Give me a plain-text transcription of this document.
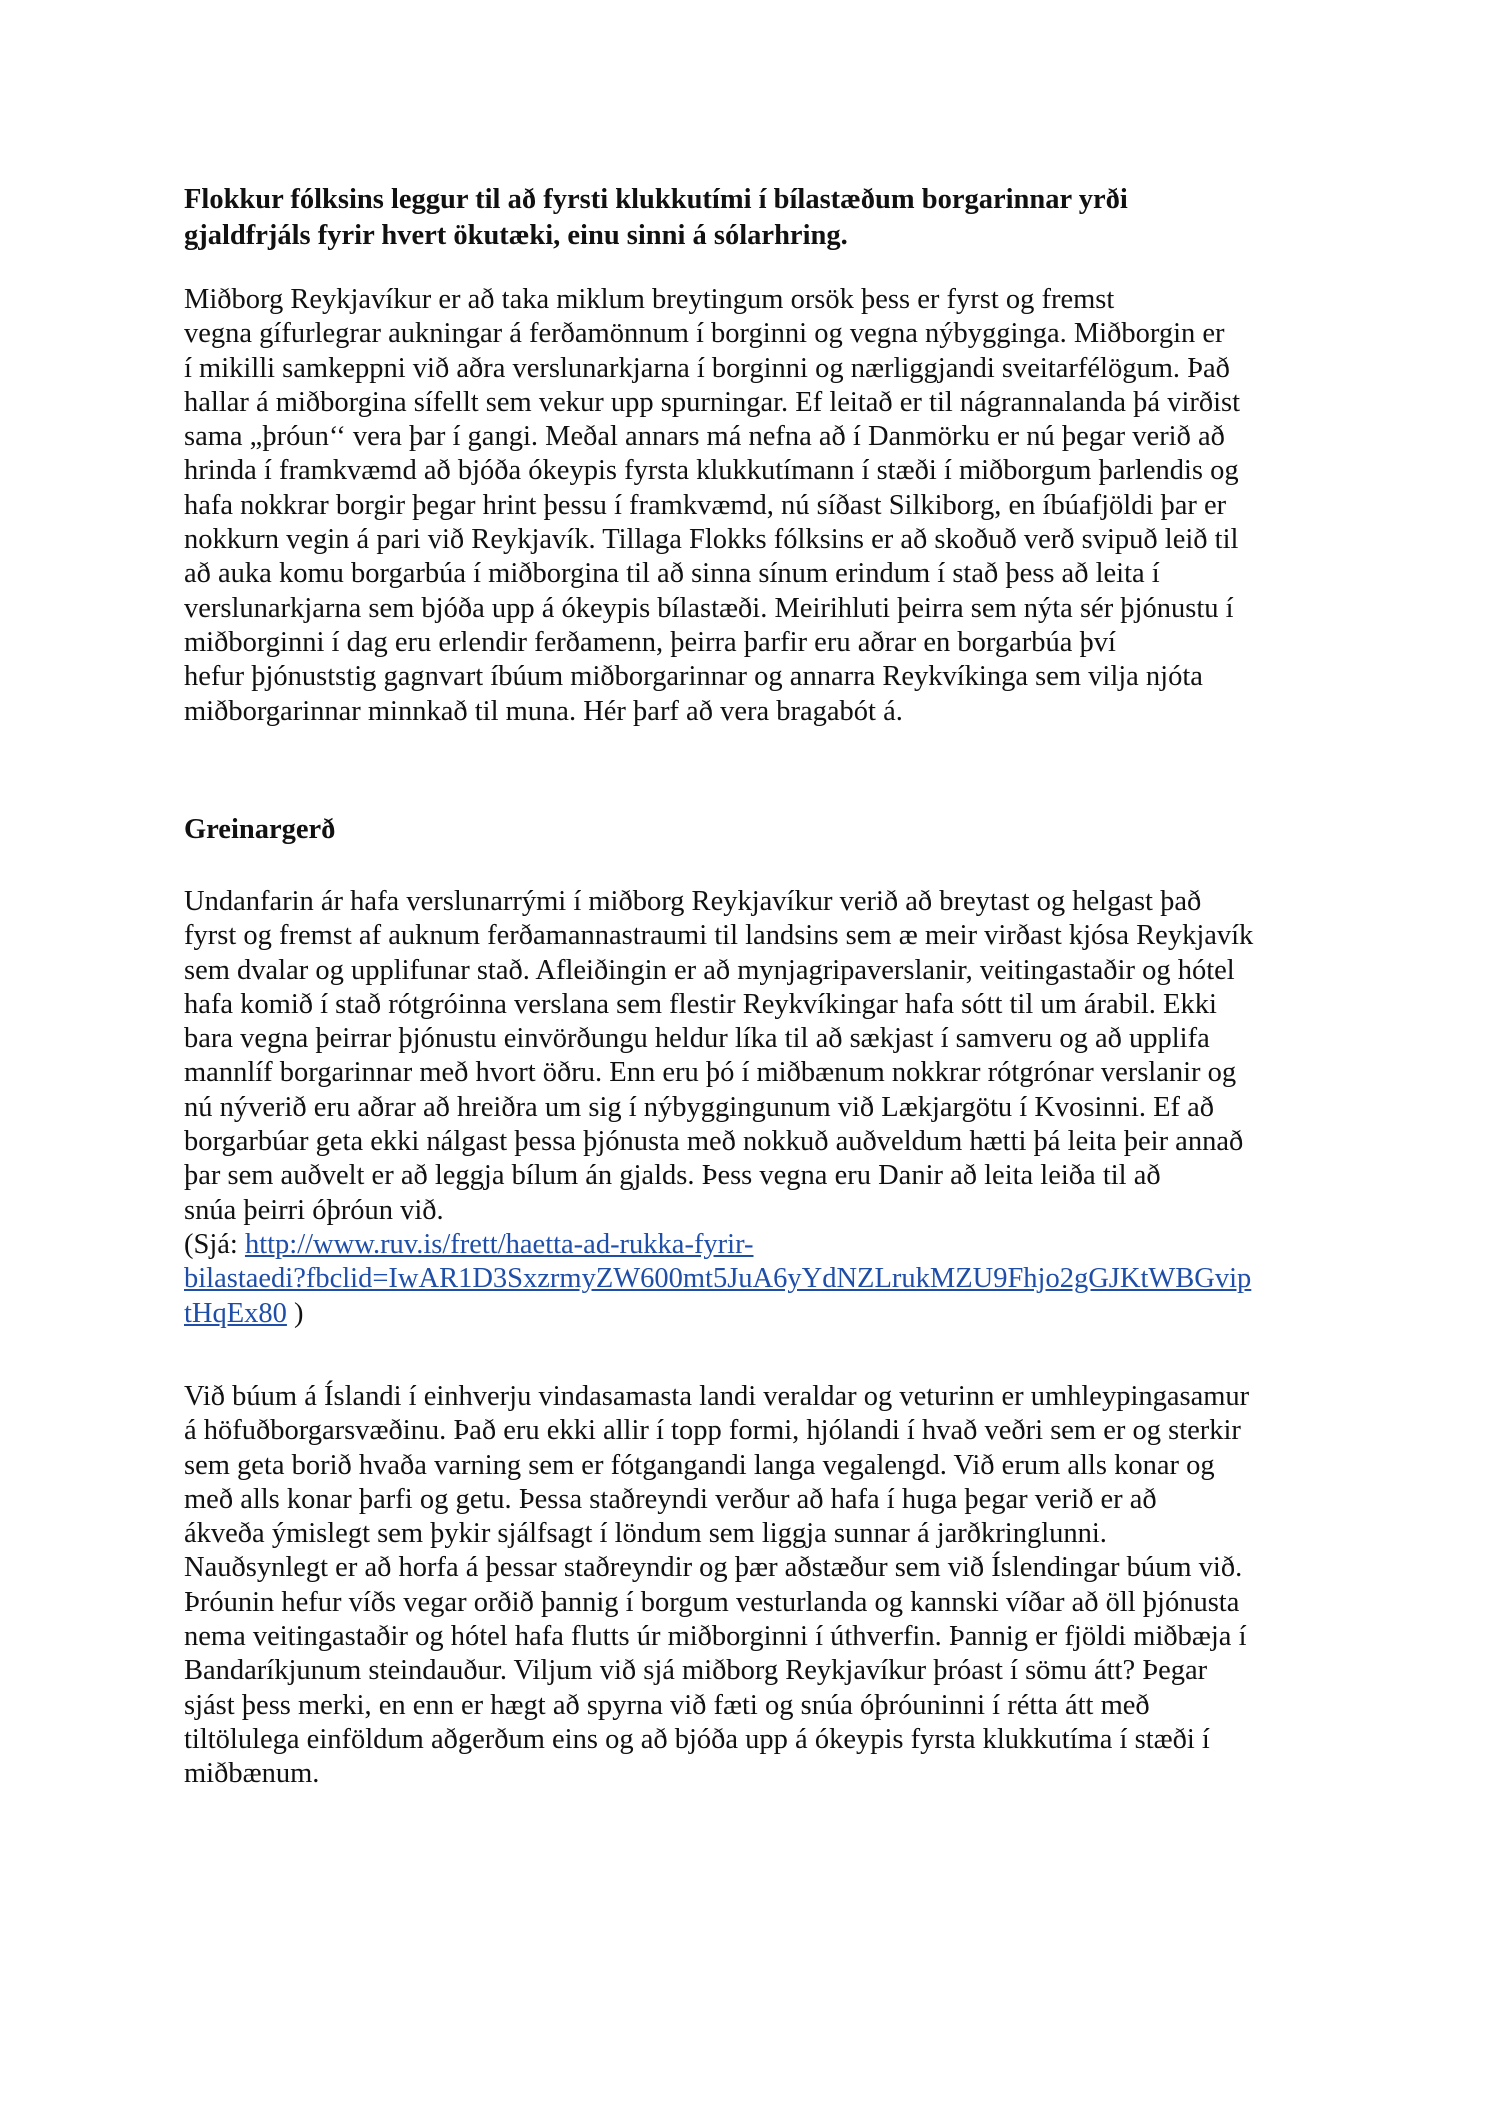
Flokkur fólksins leggur til að fyrsti klukkutími í bílastæðum borgarinnar yrði
gjaldfrjáls fyrir hvert ökutæki, einu sinni á sólarhring.
Miðborg Reykjavíkur er að taka miklum breytingum orsök þess er fyrst og fremst
vegna gífurlegrar aukningar á ferðamönnum í borginni og vegna nýbygginga. Miðborgin er
í mikilli samkeppni við aðra verslunarkjarna í borginni og nærliggjandi sveitarfélögum. Það
hallar á miðborgina sífellt sem vekur upp spurningar. Ef leitað er til nágrannalanda þá virðist
sama „þróun‘‘ vera þar í gangi. Meðal annars má nefna að í Danmörku er nú þegar verið að
hrinda í framkvæmd að bjóða ókeypis fyrsta klukkutímann í stæði í miðborgum þarlendis og
hafa nokkrar borgir þegar hrint þessu í framkvæmd, nú síðast Silkiborg, en íbúafjöldi þar er
nokkurn vegin á pari við Reykjavík. Tillaga Flokks fólksins er að skoðuð verð svipuð leið til
að auka komu borgarbúa í miðborgina til að sinna sínum erindum í stað þess að leita í
verslunarkjarna sem bjóða upp á ókeypis bílastæði. Meirihluti þeirra sem nýta sér þjónustu í
miðborginni í dag eru erlendir ferðamenn, þeirra þarfir eru aðrar en borgarbúa því
hefur þjónuststig gagnvart íbúum miðborgarinnar og annarra Reykvíkinga sem vilja njóta
miðborgarinnar minnkað til muna. Hér þarf að vera bragabót á.
Greinargerð
Undanfarin ár hafa verslunarrými í miðborg Reykjavíkur verið að breytast og helgast það
fyrst og fremst af auknum ferðamannastraumi til landsins sem æ meir virðast kjósa Reykjavík
sem dvalar og upplifunar stað. Afleiðingin er að mynjagripaverslanir, veitingastaðir og hótel
hafa komið í stað rótgróinna verslana sem flestir Reykvíkingar hafa sótt til um árabil. Ekki
bara vegna þeirrar þjónustu einvörðungu heldur líka til að sækjast í samveru og að upplifa
mannlíf borgarinnar með hvort öðru. Enn eru þó í miðbænum nokkrar rótgrónar verslanir og
nú nýverið eru aðrar að hreiðra um sig í nýbyggingunum við Lækjargötu í Kvosinni. Ef að
borgarbúar geta ekki nálgast þessa þjónusta með nokkuð auðveldum hætti þá leita þeir annað
þar sem auðvelt er að leggja bílum án gjalds. Þess vegna eru Danir að leita leiða til að
snúa þeirri óþróun við.
(Sjá: http://www.ruv.is/frett/haetta-ad-rukka-fyrir-
bilastaedi?fbclid=IwAR1D3SxzrmyZW600mt5JuA6yYdNZLrukMZU9Fhjo2gGJKtWBGvip
tHqEx80 )
Við búum á Íslandi í einhverju vindasamasta landi veraldar og veturinn er umhleypingasamur
á höfuðborgarsvæðinu. Það eru ekki allir í topp formi, hjólandi í hvað veðri sem er og sterkir
sem geta borið hvaða varning sem er fótgangandi langa vegalengd. Við erum alls konar og
með alls konar þarfi og getu. Þessa staðreyndi verður að hafa í huga þegar verið er að
ákveða ýmislegt sem þykir sjálfsagt í löndum sem liggja sunnar á jarðkringlunni.
Nauðsynlegt er að horfa á þessar staðreyndir og þær aðstæður sem við Íslendingar búum við.
Þróunin hefur víðs vegar orðið þannig í borgum vesturlanda og kannski víðar að öll þjónusta
nema veitingastaðir og hótel hafa flutts úr miðborginni í úthverfin. Þannig er fjöldi miðbæja í
Bandaríkjunum steindauður. Viljum við sjá miðborg Reykjavíkur þróast í sömu átt? Þegar
sjást þess merki, en enn er hægt að spyrna við fæti og snúa óþróuninni í rétta átt með
tiltölulega einföldum aðgerðum eins og að bjóða upp á ókeypis fyrsta klukkutíma í stæði í
miðbænum.
